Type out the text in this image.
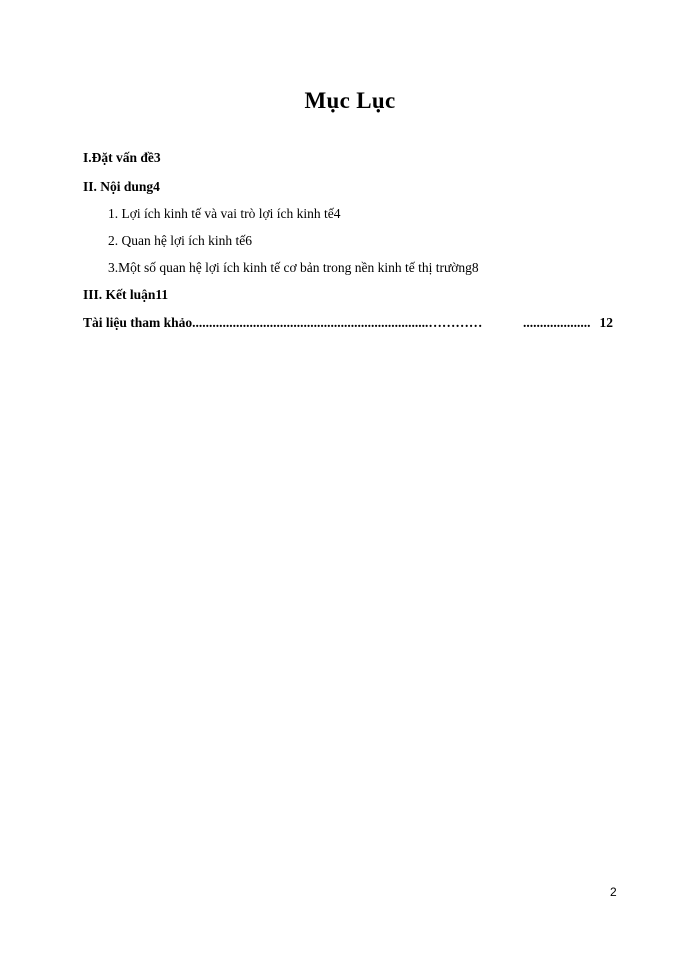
Mục Lục
I.Đặt vấn đề3
II. Nội dung4
1. Lợi ích kinh tế và vai trò lợi ích kinh tế4
2. Quan hệ lợi ích kinh tế6
3.Một số quan hệ lợi ích kinh tế cơ bản trong nền kinh tế thị trường8
III. Kết luận11
Tài liệu tham khảo......................................................................…………	.................... 12
2
